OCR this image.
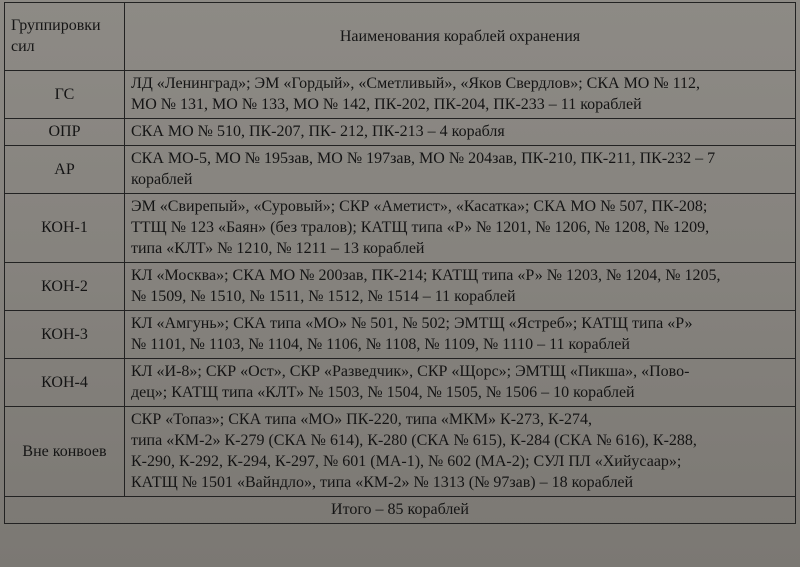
Группировки сил	Наименования кораблей охранения
ГС	ЛД «Ленинград»; ЭМ «Гордый», «Сметливый», «Яков Свердлов»; СКА МО № 112,
МО № 131, МО № 133, МО № 142, ПК-202, ПК-204, ПК-233 – 11 кораблей

ОПР	СКА МО № 510, ПК-207, ПК- 212, ПК-213 – 4 корабля

АР	СКА МО-5, МО № 195зав, МО № 197зав, МО № 204зав, ПК-210, ПК-211, ПК-232 – 7
кораблей

КОН-1	ЭМ «Свирепый», «Суровый»; СКР «Аметист», «Касатка»; СКА МО № 507, ПК-208;
ТТЩ № 123 «Баян» (без тралов); КАТЩ типа «Р» № 1201, № 1206, № 1208, № 1209,
типа «КЛТ» № 1210, № 1211 – 13 кораблей

КОН-2	КЛ «Москва»; СКА МО № 200зав, ПК-214; КАТЩ типа «Р» № 1203, № 1204, № 1205,
№ 1509, № 1510, № 1511, № 1512, № 1514 – 11 кораблей

КОН-3	КЛ «Амгунь»; СКА типа «МО» № 501, № 502; ЭМТЩ «Ястреб»; КАТЩ типа «Р»
№ 1101, № 1103, № 1104, № 1106, № 1108, № 1109, № 1110 – 11 кораблей

КОН-4	КЛ «И-8»; СКР «Ост», СКР «Разведчик», СКР «Щорс»; ЭМТЩ «Пикша», «Пово-
дец»; КАТЩ типа «КЛТ» № 1503, № 1504, № 1505, № 1506 – 10 кораблей

Вне конвоев	СКР «Топаз»; СКА типа «МО» ПК-220, типа «МКМ» К-273, К-274,
типа «КМ-2» К-279 (СКА № 614), К-280 (СКА № 615), К-284 (СКА № 616), К-288,
К-290, К-292, К-294, К-297, № 601 (МА-1), № 602 (МА-2); СУЛ ПЛ «Хийусаар»;
КАТЩ № 1501 «Вайндло», типа «КМ-2» № 1313 (№ 97зав) – 18 кораблей

Итого – 85 кораблей	
